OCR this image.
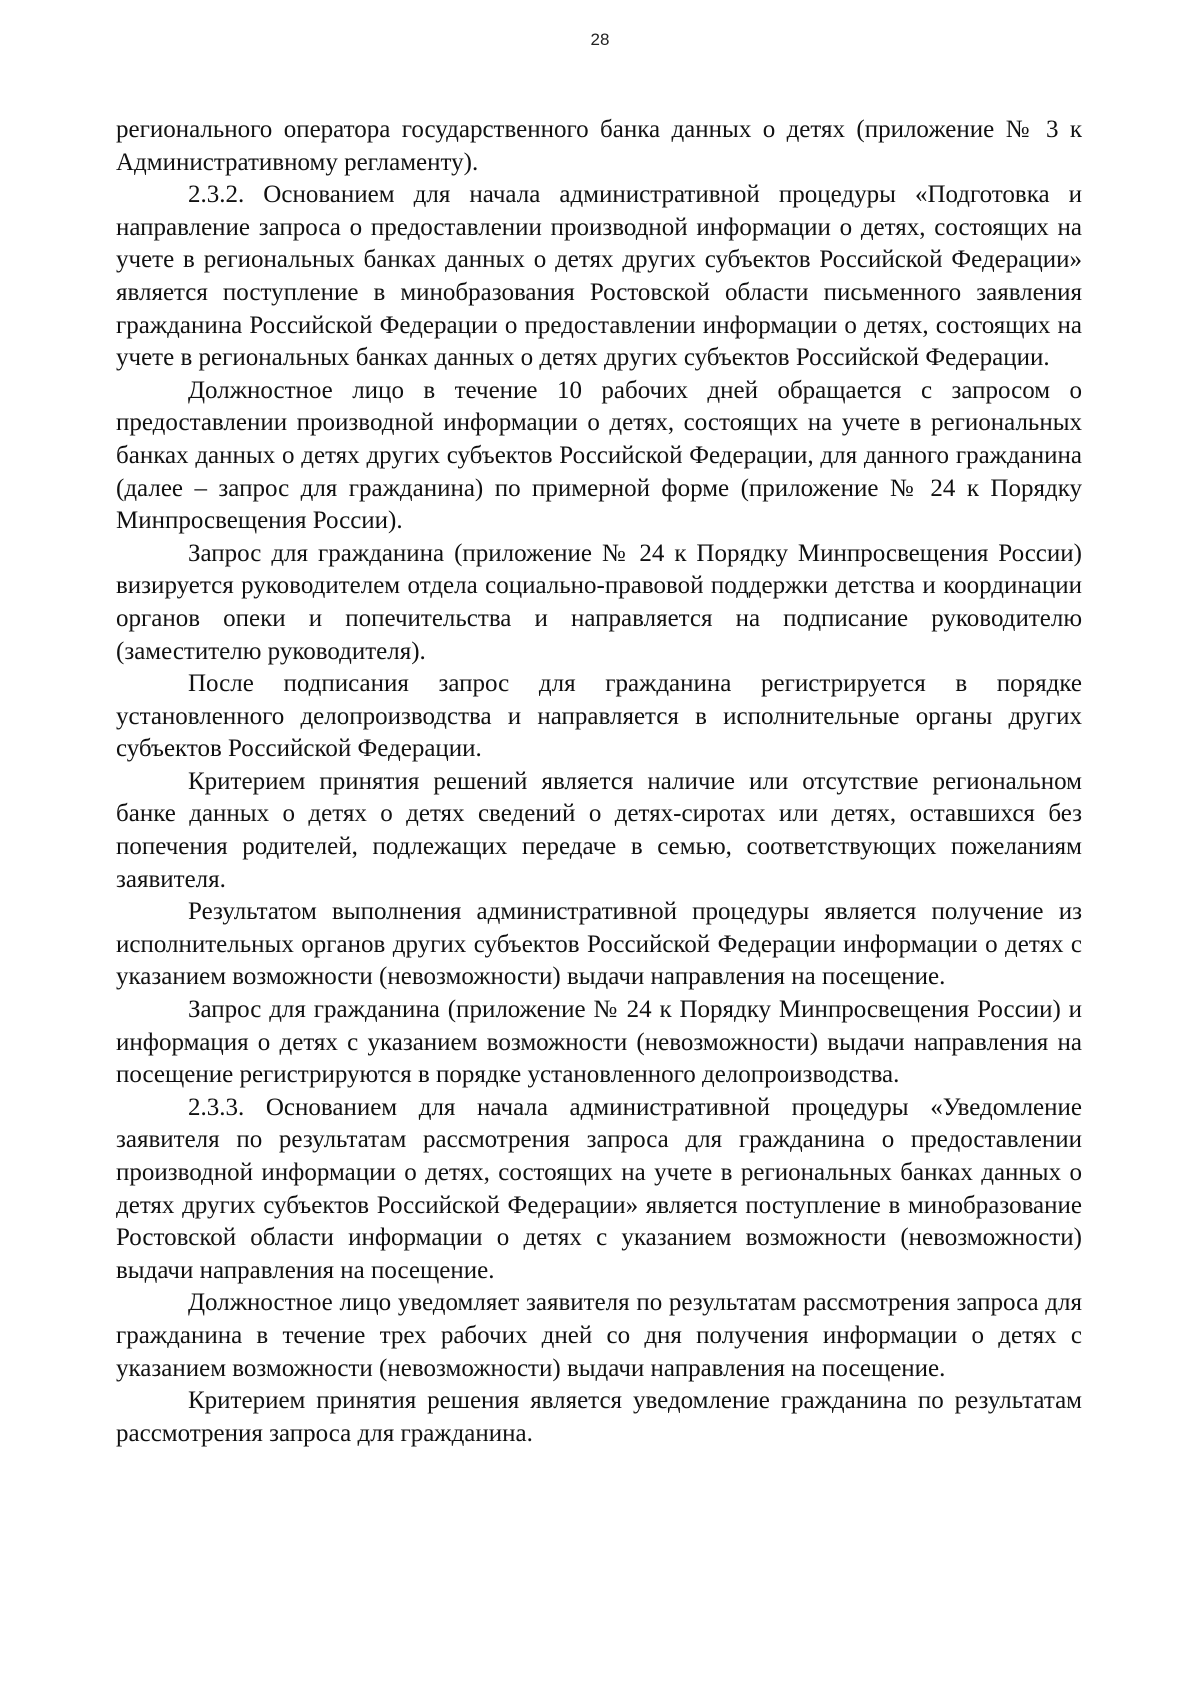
28

регионального оператора государственного банка данных о детях (приложение № 3 к Административному регламенту).

2.3.2. Основанием для начала административной процедуры «Подготовка и направление запроса о предоставлении производной информации о детях, состоящих на учете в региональных банках данных о детях других субъектов Российской Федерации» является поступление в минобразования Ростовской области письменного заявления гражданина Российской Федерации о предоставлении информации о детях, состоящих на учете в региональных банках данных о детях других субъектов Российской Федерации.

Должностное лицо в течение 10 рабочих дней обращается с запросом о предоставлении производной информации о детях, состоящих на учете в региональных банках данных о детях других субъектов Российской Федерации, для данного гражданина (далее – запрос для гражданина) по примерной форме (приложение № 24 к Порядку Минпросвещения России).

Запрос для гражданина (приложение № 24 к Порядку Минпросвещения России) визируется руководителем отдела социально-правовой поддержки детства и координации органов опеки и попечительства и направляется на подписание руководителю (заместителю руководителя).

После подписания запрос для гражданина регистрируется в порядке установленного делопроизводства и направляется в исполнительные органы других субъектов Российской Федерации.

Критерием принятия решений является наличие или отсутствие региональном банке данных о детях о детях сведений о детях-сиротах или детях, оставшихся без попечения родителей, подлежащих передаче в семью, соответствующих пожеланиям заявителя.

Результатом выполнения административной процедуры является получение из исполнительных органов других субъектов Российской Федерации информации о детях с указанием возможности (невозможности) выдачи направления на посещение.

Запрос для гражданина (приложение № 24 к Порядку Минпросвещения России) и информация о детях с указанием возможности (невозможности) выдачи направления на посещение регистрируются в порядке установленного делопроизводства.

2.3.3. Основанием для начала административной процедуры «Уведомление заявителя по результатам рассмотрения запроса для гражданина о предоставлении производной информации о детях, состоящих на учете в региональных банках данных о детях других субъектов Российской Федерации» является поступление в минобразование Ростовской области информации о детях с указанием возможности (невозможности) выдачи направления на посещение.

Должностное лицо уведомляет заявителя по результатам рассмотрения запроса для гражданина в течение трех рабочих дней со дня получения информации о детях с указанием возможности (невозможности) выдачи направления на посещение.

Критерием принятия решения является уведомление гражданина по результатам рассмотрения запроса для гражданина.
